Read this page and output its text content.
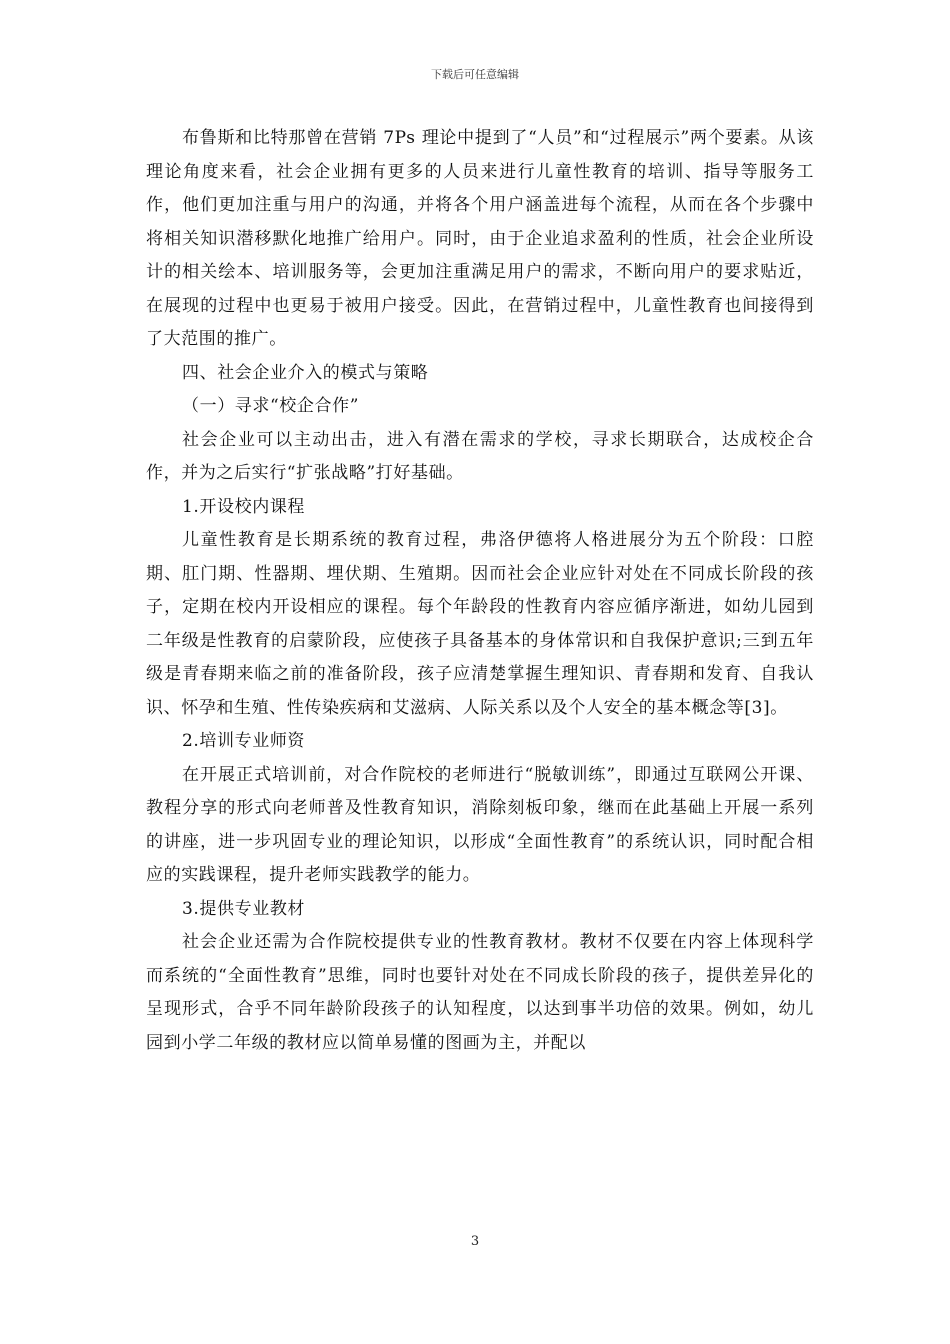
下载后可任意编辑

布鲁斯和比特那曾在营销 7Ps 理论中提到了“人员”和“过程展示”两个要素。从该理论角度来看，社会企业拥有更多的人员来进行儿童性教育的培训、指导等服务工作，他们更加注重与用户的沟通，并将各个用户涵盖进每个流程，从而在各个步骤中将相关知识潜移默化地推广给用户。同时，由于企业追求盈利的性质，社会企业所设计的相关绘本、培训服务等，会更加注重满足用户的需求，不断向用户的要求贴近，在展现的过程中也更易于被用户接受。因此，在营销过程中，儿童性教育也间接得到了大范围的推广。

四、社会企业介入的模式与策略

（一）寻求“校企合作”

社会企业可以主动出击，进入有潜在需求的学校，寻求长期联合，达成校企合作，并为之后实行“扩张战略”打好基础。

1.开设校内课程

儿童性教育是长期系统的教育过程，弗洛伊德将人格进展分为五个阶段：口腔期、肛门期、性器期、埋伏期、生殖期。因而社会企业应针对处在不同成长阶段的孩子，定期在校内开设相应的课程。每个年龄段的性教育内容应循序渐进，如幼儿园到二年级是性教育的启蒙阶段，应使孩子具备基本的身体常识和自我保护意识;三到五年级是青春期来临之前的准备阶段，孩子应清楚掌握生理知识、青春期和发育、自我认识、怀孕和生殖、性传染疾病和艾滋病、人际关系以及个人安全的基本概念等[3]。

2.培训专业师资

在开展正式培训前，对合作院校的老师进行“脱敏训练”，即通过互联网公开课、教程分享的形式向老师普及性教育知识，消除刻板印象，继而在此基础上开展一系列的讲座，进一步巩固专业的理论知识，以形成“全面性教育”的系统认识，同时配合相应的实践课程，提升老师实践教学的能力。

3.提供专业教材

社会企业还需为合作院校提供专业的性教育教材。教材不仅要在内容上体现科学而系统的“全面性教育”思维，同时也要针对处在不同成长阶段的孩子，提供差异化的呈现形式，合乎不同年龄阶段孩子的认知程度，以达到事半功倍的效果。例如，幼儿园到小学二年级的教材应以简单易懂的图画为主，并配以

3
